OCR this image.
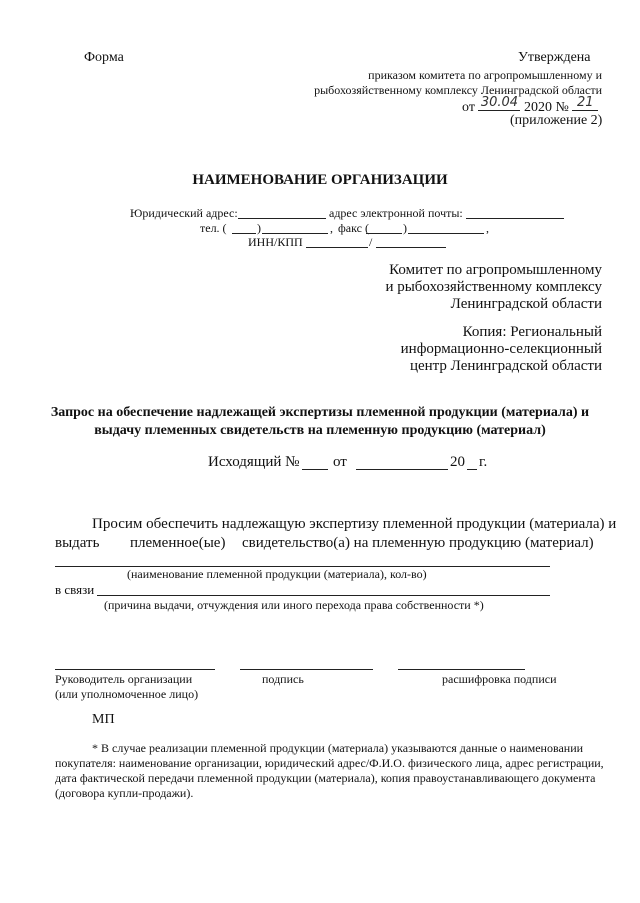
Форма	Утверждена
приказом комитета по агропромышленному и
рыбохозяйственному комплексу Ленинградской области
от 30.04 2020 № 21
(приложение 2)
НАИМЕНОВАНИЕ ОРГАНИЗАЦИИ
Юридический адрес:	адрес электронной почты:
тел. (	)	, факс (	)	,
ИНН/КПП	/
Комитет по агропромышленному
и рыбохозяйственному комплексу
Ленинградской области
Копия: Региональный
информационно-селекционный
центр Ленинградской области
Запрос на обеспечение надлежащей экспертизы племенной продукции (материала) и
выдачу племенных свидетельств на племенную продукцию (материал)
Исходящий № от	20 г.
Просим обеспечить надлежащую экспертизу племенной продукции (материала) и
выдать племенное(ые) свидетельство(а) на племенную продукцию (материал)
(наименование племенной продукции (материала), кол-во)
в связи
(причина выдачи, отчуждения или иного перехода права собственности *)
Руководитель организации
(или уполномоченное лицо)
подпись	расшифровка подписи
МП
* В случае реализации племенной продукции (материала) указываются данные о наименовании
покупателя: наименование организации, юридический адрес/Ф.И.О. физического лица, адрес регистрации,
дата фактической передачи племенной продукции (материала), копия правоустанавливающего документа
(договора купли-продажи).
